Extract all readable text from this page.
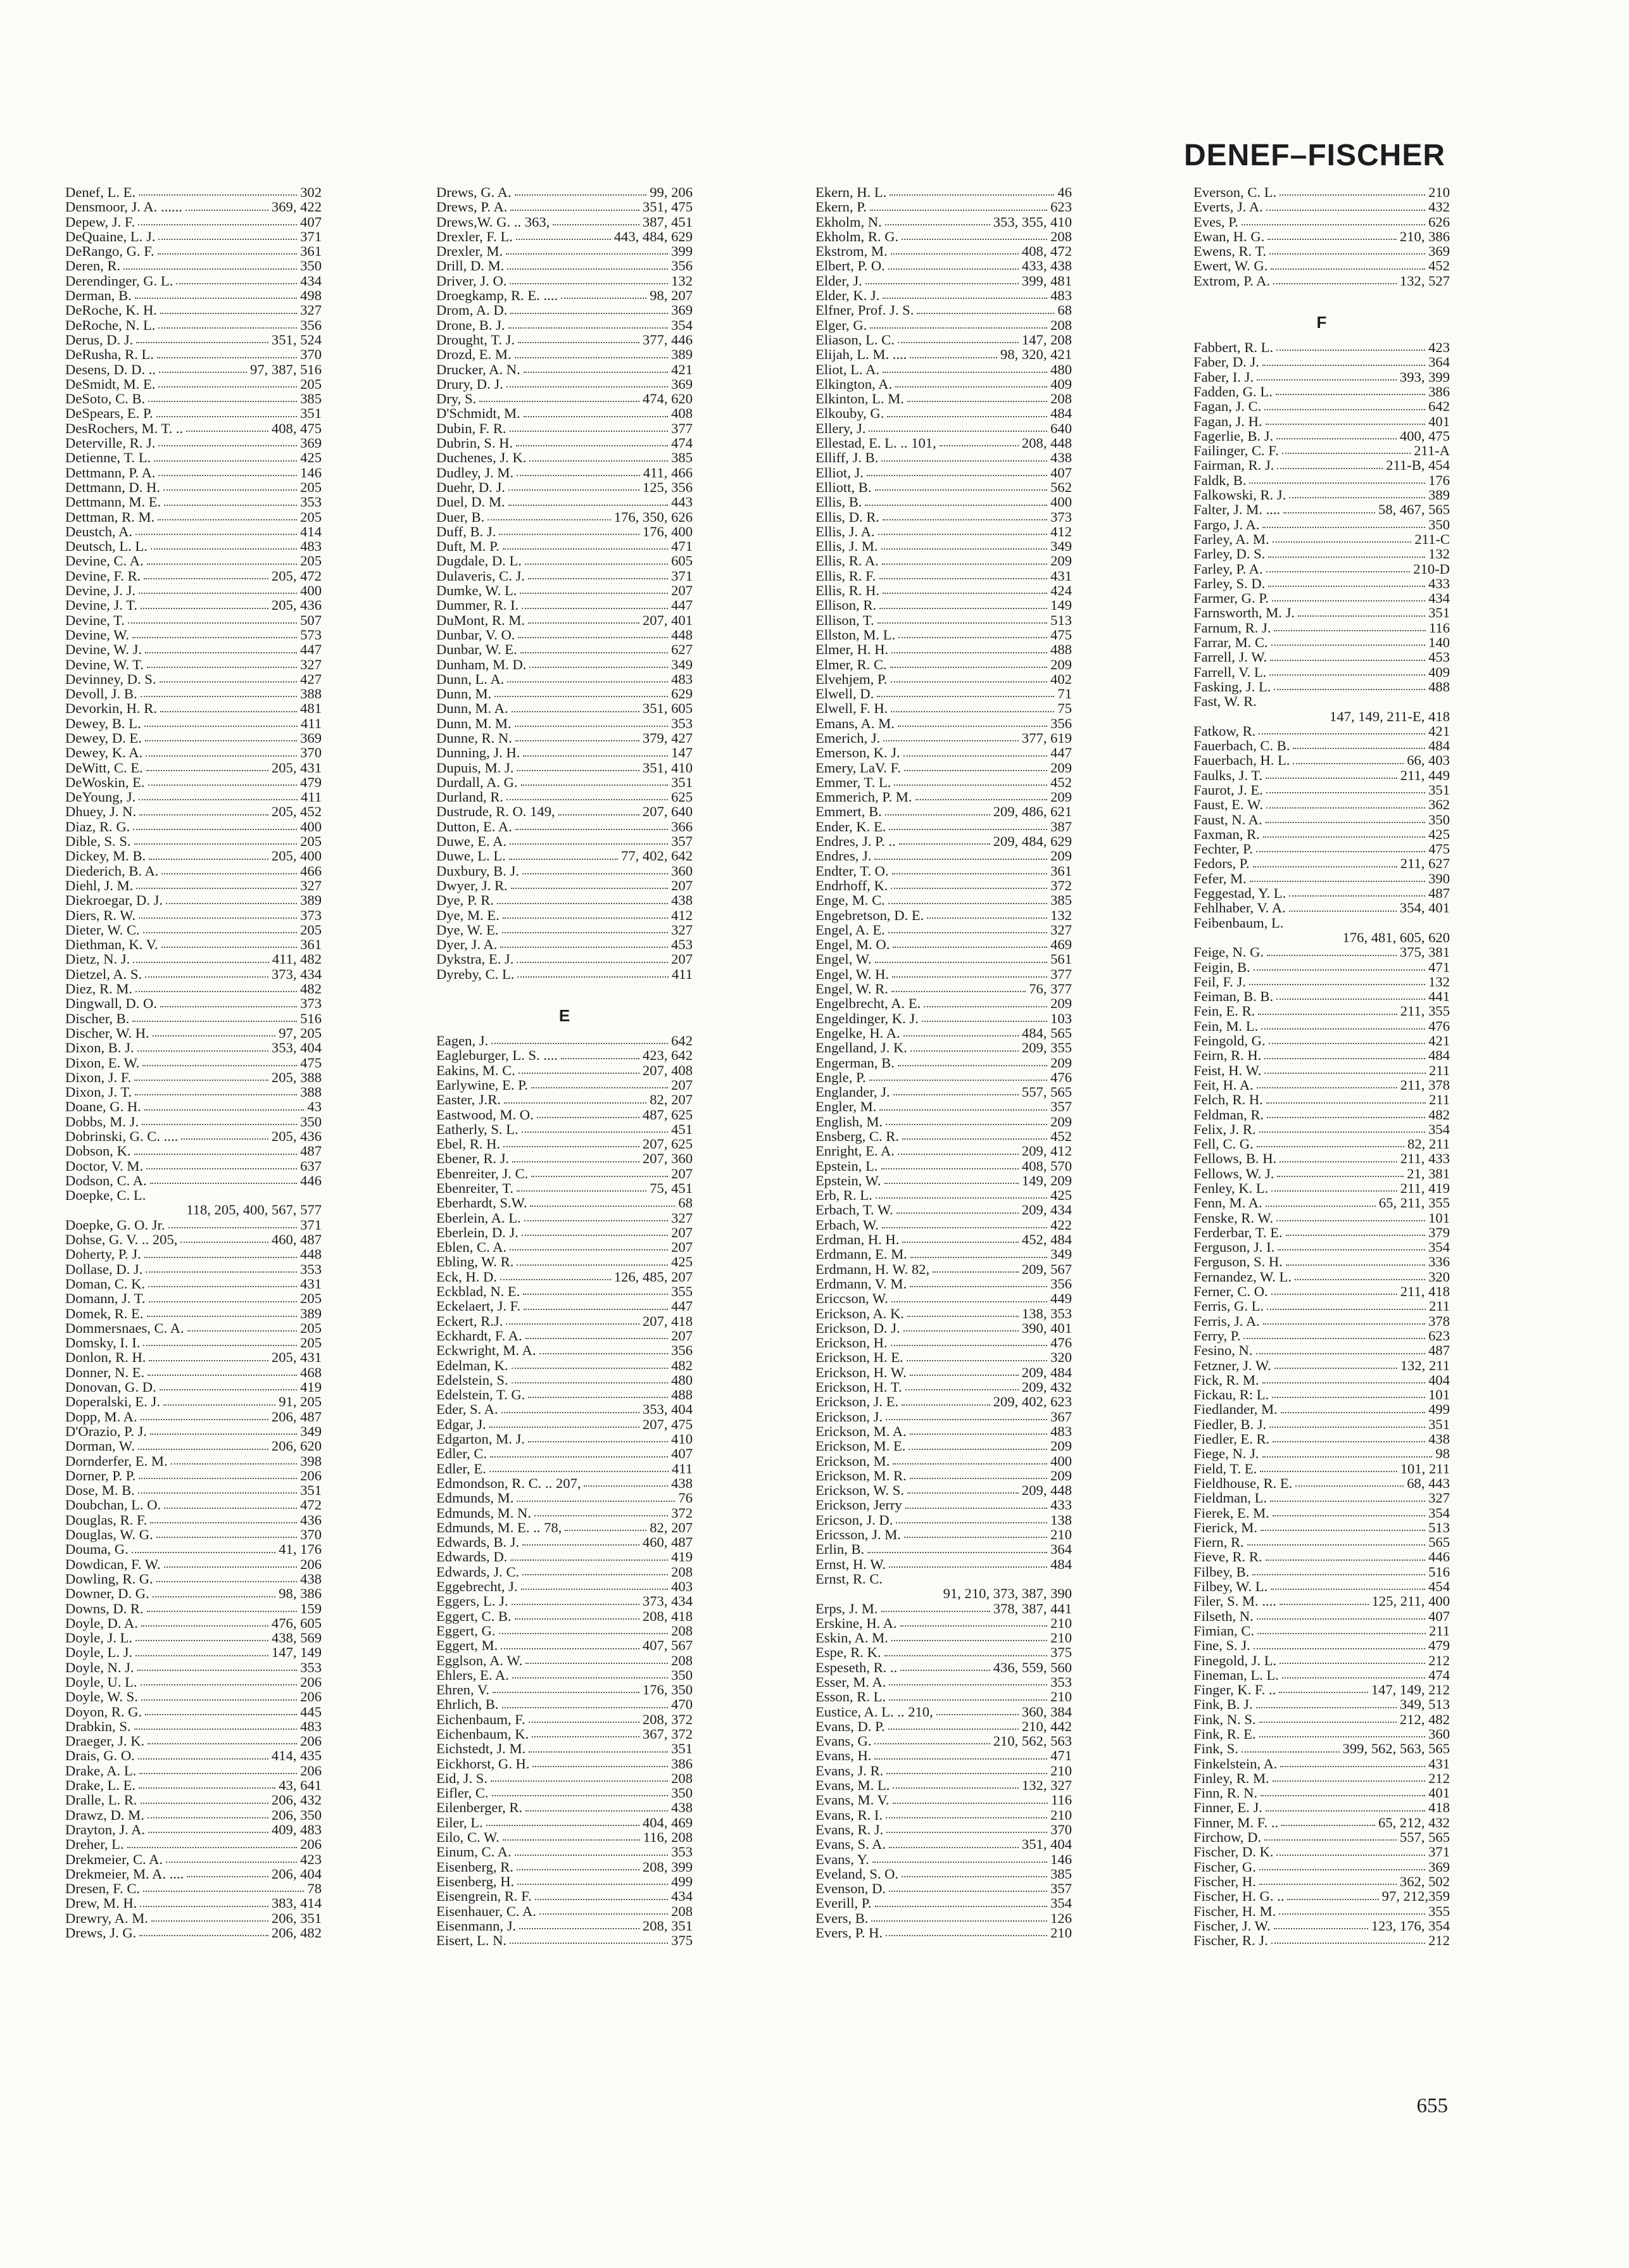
DENEF–FISCHER
Denef, L. E.	302
Densmoor, J. A. ......	369, 422
Depew, J. F.	407
DeQuaine, L. J.	371
DeRango, G. F.	361
Deren, R.	350
Derendinger, G. L.	434
Derman, B.	498
DeRoche, K. H.	327
DeRoche, N. L.	356
Derus, D. J.	351, 524
DeRusha, R. L.	370
Desens, D. D. ..	97, 387, 516
DeSmidt, M. E.	205
DeSoto, C. B.	385
DeSpears, E. P.	351
DesRochers, M. T. ..	408, 475
Deterville, R. J.	369
Detienne, T. L.	425
Dettmann, P. A.	146
Dettmann, D. H.	205
Dettmann, M. E.	353
Dettman, R. M.	205
Deustch, A.	414
Deutsch, L. L.	483
Devine, C. A.	205
Devine, F. R.	205, 472
Devine, J. J.	400
Devine, J. T.	205, 436
Devine, T.	507
Devine, W.	573
Devine, W. J.	447
Devine, W. T.	327
Devinney, D. S.	427
Devoll, J. B.	388
Devorkin, H. R.	481
Dewey, B. L.	411
Dewey, D. E.	369
Dewey, K. A.	370
DeWitt, C. E.	205, 431
DeWoskin, E.	479
DeYoung, J.	411
Dhuey, J. N.	205, 452
Diaz, R. G.	400
Dible, S. S.	205
Dickey, M. B.	205, 400
Diederich, B. A.	466
Diehl, J. M.	327
Diekroegar, D. J.	389
Diers, R. W.	373
Dieter, W. C.	205
Diethman, K. V.	361
Dietz, N. J.	411, 482
Dietzel, A. S.	373, 434
Diez, R. M.	482
Dingwall, D. O.	373
Discher, B.	516
Discher, W. H.	97, 205
Dixon, B. J.	353, 404
Dixon, E. W.	475
Dixon, J. F.	205, 388
Dixon, J. T.	388
Doane, G. H.	43
Dobbs, M. J.	350
Dobrinski, G. C. ....	205, 436
Dobson, K.	487
Doctor, V. M.	637
Dodson, C. A.	446
Doepke, C. L.
118, 205, 400, 567, 577
Doepke, G. O. Jr.	371
Dohse, G. V. .. 205,	460, 487
Doherty, P. J.	448
Dollase, D. J.	353
Doman, C. K.	431
Domann, J. T.	205
Domek, R. E.	389
Dommersnaes, C. A.	205
Domsky, I. I.	205
Donlon, R. H.	205, 431
Donner, N. E.	468
Donovan, G. D.	419
Doperalski, E. J.	91, 205
Dopp, M. A.	206, 487
D'Orazio, P. J.	349
Dorman, W.	206, 620
Dornderfer, E. M.	398
Dorner, P. P.	206
Dose, M. B.	351
Doubchan, L. O.	472
Douglas, R. F.	436
Douglas, W. G.	370
Douma, G.	41, 176
Dowdican, F. W.	206
Dowling, R. G.	438
Downer, D. G.	98, 386
Downs, D. R.	159
Doyle, D. A.	476, 605
Doyle, J. L.	438, 569
Doyle, L. J.	147, 149
Doyle, N. J.	353
Doyle, U. L.	206
Doyle, W. S.	206
Doyon, R. G.	445
Drabkin, S.	483
Draeger, J. K.	206
Drais, G. O.	414, 435
Drake, A. L.	206
Drake, L. E.	43, 641
Dralle, L. R.	206, 432
Drawz, D. M.	206, 350
Drayton, J. A.	409, 483
Dreher, L.	206
Drekmeier, C. A.	423
Drekmeier, M. A. ....	206, 404
Dresen, F. C.	78
Drew, M. H.	383, 414
Drewry, A. M.	206, 351
Drews, J. G.	206, 482
Drews, G. A.	99, 206
Drews, P. A.	351, 475
Drews,W. G. .. 363,	387, 451
Drexler, F. L.	443, 484, 629
Drexler, M.	399
Drill, D. M.	356
Driver, J. O.	132
Droegkamp, R. E. ....	98, 207
Drom, A. D.	369
Drone, B. J.	354
Drought, T. J.	377, 446
Drozd, E. M.	389
Drucker, A. N.	421
Drury, D. J.	369
Dry, S.	474, 620
D'Schmidt, M.	408
Dubin, F. R.	377
Dubrin, S. H.	474
Duchenes, J. K.	385
Dudley, J. M.	411, 466
Duehr, D. J.	125, 356
Duel, D. M.	443
Duer, B.	176, 350, 626
Duff, B. J.	176, 400
Duft, M. P.	471
Dugdale, D. L.	605
Dulaveris, C. J.	371
Dumke, W. L.	207
Dummer, R. I.	447
DuMont, R. M.	207, 401
Dunbar, V. O.	448
Dunbar, W. E.	627
Dunham, M. D.	349
Dunn, L. A.	483
Dunn, M.	629
Dunn, M. A.	351, 605
Dunn, M. M.	353
Dunne, R. N.	379, 427
Dunning, J. H.	147
Dupuis, M. J.	351, 410
Durdall, A. G.	351
Durland, R.	625
Dustrude, R. O. 149,	207, 640
Dutton, E. A.	366
Duwe, E. A.	357
Duwe, L. L.	77, 402, 642
Duxbury, B. J.	360
Dwyer, J. R.	207
Dye, P. R.	438
Dye, M. E.	412
Dye, W. E.	327
Dyer, J. A.	453
Dykstra, E. J.	207
Dyreby, C. L.	411
E
Eagen, J.	642
Eagleburger, L. S. ....	423, 642
Eakins, M. C.	207, 408
Earlywine, E. P.	207
Easter, J.R.	82, 207
Eastwood, M. O.	487, 625
Eatherly, S. L.	451
Ebel, R. H.	207, 625
Ebener, R. J.	207, 360
Ebenreiter, J. C.	207
Ebenreiter, T.	75, 451
Eberhardt, S.W.	68
Eberlein, A. L.	327
Eberlein, D. J.	207
Eblen, C. A.	207
Ebling, W. R.	425
Eck, H. D.	126, 485, 207
Eckblad, N. E.	355
Eckelaert, J. F.	447
Eckert, R.J.	207, 418
Eckhardt, F. A.	207
Eckwright, M. A.	356
Edelman, K.	482
Edelstein, S.	480
Edelstein, T. G.	488
Eder, S. A.	353, 404
Edgar, J.	207, 475
Edgarton, M. J.	410
Edler, C.	407
Edler, E.	411
Edmondson, R. C. .. 207,	438
Edmunds, M.	76
Edmunds, M. N.	372
Edmunds, M. E. .. 78,	82, 207
Edwards, B. J.	460, 487
Edwards, D.	419
Edwards, J. C.	208
Eggebrecht, J.	403
Eggers, L. J.	373, 434
Eggert, C. B.	208, 418
Eggert, G.	208
Eggert, M.	407, 567
Egglson, A. W.	208
Ehlers, E. A.	350
Ehren, V.	176, 350
Ehrlich, B.	470
Eichenbaum, F.	208, 372
Eichenbaum, K.	367, 372
Eichstedt, J. M.	351
Eickhorst, G. H.	386
Eid, J. S.	208
Eifler, C.	350
Eilenberger, R.	438
Eiler, L.	404, 469
Eilo, C. W.	116, 208
Einum, C. A.	353
Eisenberg, R.	208, 399
Eisenberg, H.	499
Eisengrein, R. F.	434
Eisenhauer, C. A.	208
Eisenmann, J.	208, 351
Eisert, L. N.	375
Ekern, H. L.	46
Ekern, P.	623
Ekholm, N.	353, 355, 410
Ekholm, R. G.	208
Ekstrom, M.	408, 472
Elbert, P. O.	433, 438
Elder, J.	399, 481
Elder, K. J.	483
Elfner, Prof. J. S.	68
Elger, G.	208
Eliason, L. C.	147, 208
Elijah, L. M. ....	98, 320, 421
Eliot, L. A.	480
Elkington, A.	409
Elkinton, L. M.	208
Elkouby, G.	484
Ellery, J.	640
Ellestad, E. L. .. 101,	208, 448
Elliff, J. B.	438
Elliot, J.	407
Elliott, B.	562
Ellis, B.	400
Ellis, D. R.	373
Ellis, J. A.	412
Ellis, J. M.	349
Ellis, R. A.	209
Ellis, R. F.	431
Ellis, R. H.	424
Ellison, R.	149
Ellison, T.	513
Ellston, M. L.	475
Elmer, H. H.	488
Elmer, R. C.	209
Elvehjem, P.	402
Elwell, D.	71
Elwell, F. H.	75
Emans, A. M.	356
Emerich, J.	377, 619
Emerson, K. J.	447
Emery, LaV. F.	209
Emmer, T. L.	452
Emmerich, P. M.	209
Emmert, B.	209, 486, 621
Ender, K. E.	387
Endres, J. P. ..	209, 484, 629
Endres, J.	209
Endter, T. O.	361
Endrhoff, K.	372
Enge, M. C.	385
Engebretson, D. E.	132
Engel, A. E.	327
Engel, M. O.	469
Engel, W.	561
Engel, W. H.	377
Engel, W. R.	76, 377
Engelbrecht, A. E.	209
Engeldinger, K. J.	103
Engelke, H. A.	484, 565
Engelland, J. K.	209, 355
Engerman, B.	209
Engle, P.	476
Englander, J.	557, 565
Engler, M.	357
English, M.	209
Ensberg, C. R.	452
Enright, E. A.	209, 412
Epstein, L.	408, 570
Epstein, W.	149, 209
Erb, R. L.	425
Erbach, T. W.	209, 434
Erbach, W.	422
Erdman, H. H.	452, 484
Erdmann, E. M.	349
Erdmann, H. W. 82,	209, 567
Erdmann, V. M.	356
Ericcson, W.	449
Erickson, A. K.	138, 353
Erickson, D. J.	390, 401
Erickson, H.	476
Erickson, H. E.	320
Erickson, H. W.	209, 484
Erickson, H. T.	209, 432
Erickson, J. E.	209, 402, 623
Erickson, J.	367
Erickson, M. A.	483
Erickson, M. E.	209
Erickson, M.	400
Erickson, M. R.	209
Erickson, W. S.	209, 448
Erickson, Jerry	433
Ericson, J. D.	138
Ericsson, J. M.	210
Erlin, B.	364
Ernst, H. W.	484
Ernst, R. C.
91, 210, 373, 387, 390
Erps, J. M.	378, 387, 441
Erskine, H. A.	210
Eskin, A. M.	210
Espe, R. K.	375
Espeseth, R. ..	436, 559, 560
Esser, M. A.	353
Esson, R. L.	210
Eustice, A. L. .. 210,	360, 384
Evans, D. P.	210, 442
Evans, G.	210, 562, 563
Evans, H.	471
Evans, J. R.	210
Evans, M. L.	132, 327
Evans, M. V.	116
Evans, R. I.	210
Evans, R. J.	370
Evans, S. A.	351, 404
Evans, Y.	146
Eveland, S. O.	385
Evenson, D.	357
Everill, P.	354
Evers, B.	126
Evers, P. H.	210
Everson, C. L.	210
Everts, J. A.	432
Eves, P.	626
Ewan, H. G.	210, 386
Ewens, R. T.	369
Ewert, W. G.	452
Extrom, P. A.	132, 527
F
Fabbert, R. L.	423
Faber, D. J.	364
Faber, I. J.	393, 399
Fadden, G. L.	386
Fagan, J. C.	642
Fagan, J. H.	401
Fagerlie, B. J.	400, 475
Failinger, C. F.	211-A
Fairman, R. J.	211-B, 454
Faldk, B.	176
Falkowski, R. J.	389
Falter, J. M. ....	58, 467, 565
Fargo, J. A.	350
Farley, A. M.	211-C
Farley, D. S.	132
Farley, P. A.	210-D
Farley, S. D.	433
Farmer, G. P.	434
Farnsworth, M. J.	351
Farnum, R. J.	116
Farrar, M. C.	140
Farrell, J. W.	453
Farrell, V. L.	409
Fasking, J. L.	488
Fast, W. R.
147, 149, 211-E, 418
Fatkow, R.	421
Fauerbach, C. B.	484
Fauerbach, H. L.	66, 403
Faulks, J. T.	211, 449
Faurot, J. E.	351
Faust, E. W.	362
Faust, N. A.	350
Faxman, R.	425
Fechter, P.	475
Fedors, P.	211, 627
Fefer, M.	390
Feggestad, Y. L.	487
Fehlhaber, V. A.	354, 401
Feibenbaum, L.
176, 481, 605, 620
Feige, N. G.	375, 381
Feigin, B.	471
Feil, F. J.	132
Feiman, B. B.	441
Fein, E. R.	211, 355
Fein, M. L.	476
Feingold, G.	421
Feirn, R. H.	484
Feist, H. W.	211
Feit, H. A.	211, 378
Felch, R. H.	211
Feldman, R.	482
Felix, J. R.	354
Fell, C. G.	82, 211
Fellows, B. H.	211, 433
Fellows, W. J.	21, 381
Fenley, K. L.	211, 419
Fenn, M. A.	65, 211, 355
Fenske, R. W.	101
Ferderbar, T. E.	379
Ferguson, J. I.	354
Ferguson, S. H.	336
Fernandez, W. L.	320
Ferner, C. O.	211, 418
Ferris, G. L.	211
Ferris, J. A.	378
Ferry, P.	623
Fesino, N.	487
Fetzner, J. W.	132, 211
Fick, R. M.	404
Fickau, R: L.	101
Fiedlander, M.	499
Fiedler, B. J.	351
Fiedler, E. R.	438
Fiege, N. J.	98
Field, T. E.	101, 211
Fieldhouse, R. E.	68, 443
Fieldman, L.	327
Fierek, E. M.	354
Fierick, M.	513
Fiern, R.	565
Fieve, R. R.	446
Filbey, B.	516
Filbey, W. L.	454
Filer, S. M. ....	125, 211, 400
Filseth, N.	407
Fimian, C.	211
Fine, S. J.	479
Finegold, J. L.	212
Fineman, L. L.	474
Finger, K. F. ..	147, 149, 212
Fink, B. J.	349, 513
Fink, N. S.	212, 482
Fink, R. E.	360
Fink, S.	399, 562, 563, 565
Finkelstein, A.	431
Finley, R. M.	212
Finn, R. N.	401
Finner, E. J.	418
Finner, M. F. ..	65, 212, 432
Firchow, D.	557, 565
Fischer, D. K.	371
Fischer, G.	369
Fischer, H.	362, 502
Fischer, H. G. ..	97, 212,359
Fischer, H. M.	355
Fischer, J. W.	123, 176, 354
Fischer, R. J.	212
655
